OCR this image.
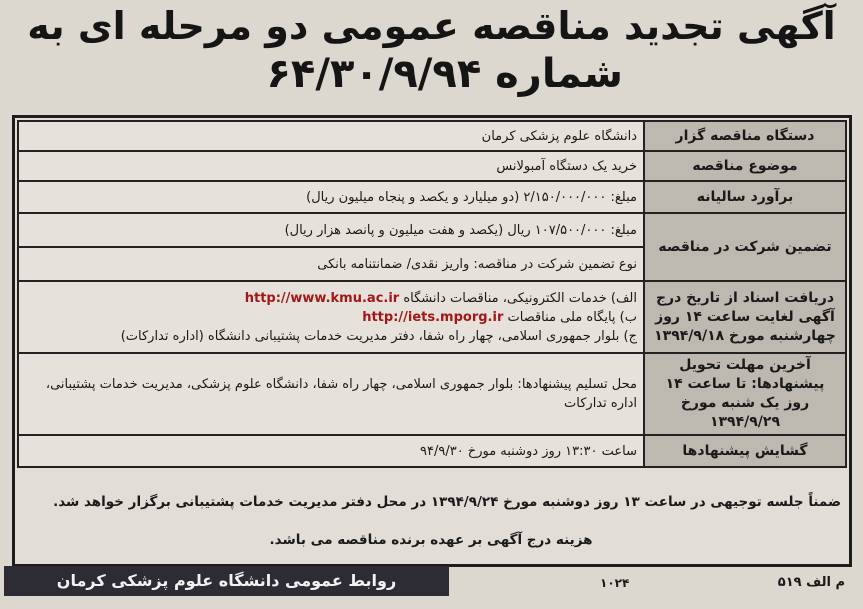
آگهی تجدید مناقصه عمومی دو مرحله ای به
شماره ۶۴/۳۰/۹/۹۴
دستگاه مناقصه گزار	دانشگاه علوم پزشکی کرمان
موضوع مناقصه	خرید یک دستگاه آمبولانس
برآورد سالیانه	مبلغ: ۲/۱۵۰/۰۰۰/۰۰۰ (دو میلیارد و یکصد و پنجاه میلیون ریال)
تضمین شرکت در مناقصه	مبلغ: ۱۰۷/۵۰۰/۰۰۰ ریال (یکصد و هفت میلیون و پانصد هزار ریال)
	نوع تضمین شرکت در مناقصه: واریز نقدی/ ضمانتنامه بانکی
دریافت اسناد از تاریخ درج آگهی لغایت ساعت ۱۴ روز چهارشنبه مورخ ۱۳۹۴/۹/۱۸	الف) خدمات الکترونیکی، مناقصات دانشگاه http://www.kmu.ac.ir
ب) پایگاه ملی مناقصات http://iets.mporg.ir
ج) بلوار جمهوری اسلامی، چهار راه شفا، دفتر مدیریت خدمات پشتیبانی دانشگاه (اداره تدارکات)

آخرین مهلت تحویل پیشنهادها: تا ساعت ۱۴ روز یک شنبه مورخ ۱۳۹۴/۹/۲۹	محل تسلیم پیشنهادها: بلوار جمهوری اسلامی، چهار راه شفا، دانشگاه علوم پزشکی، مدیریت خدمات پشتیبانی، اداره تدارکات
گشایش پیشنهادها	ساعت ۱۳:۳۰ روز دوشنبه مورخ ۹۴/۹/۳۰
ضمناً جلسه توجیهی در ساعت ۱۳ روز دوشنبه مورخ ۱۳۹۴/۹/۲۴ در محل دفتر مدیریت خدمات پشتیبانی برگزار خواهد شد.
هزینه درج آگهی بر عهده برنده مناقصه می باشد.
روابط عمومی دانشگاه علوم پزشکی کرمان	۱۰۲۴	م الف ۵۱۹
